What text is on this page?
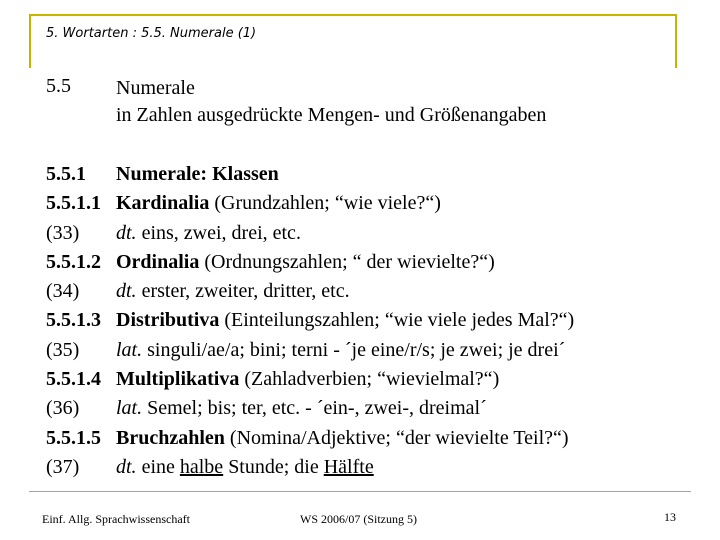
5. Wortarten : 5.5. Numerale (1)
5.5 Numerale
in Zahlen ausgedrückte Mengen- und Größenangaben
5.5.1 Numerale: Klassen
5.5.1.1 Kardinalia (Grundzahlen; “wie viele?“)
(33) dt. eins, zwei, drei, etc.
5.5.1.2 Ordinalia (Ordnungszahlen; “ der wievielte?“)
(34) dt. erster, zweiter, dritter, etc.
5.5.1.3 Distributiva (Einteilungszahlen; “wie viele jedes Mal?“)
(35) lat. singuli/ae/a; bini; terni - ´je eine/r/s; je zwei; je drei´
5.5.1.4 Multiplikativa (Zahladverbien; “wievielmal?“)
(36) lat. Semel; bis; ter, etc. - ´ein-, zwei-, dreimal´
5.5.1.5 Bruchzahlen (Nomina/Adjektive; “der wievielte Teil?“)
(37) dt. eine halbe Stunde; die Hälfte
Einf. Allg. Sprachwissenschaft	WS 2006/07 (Sitzung 5)	13
